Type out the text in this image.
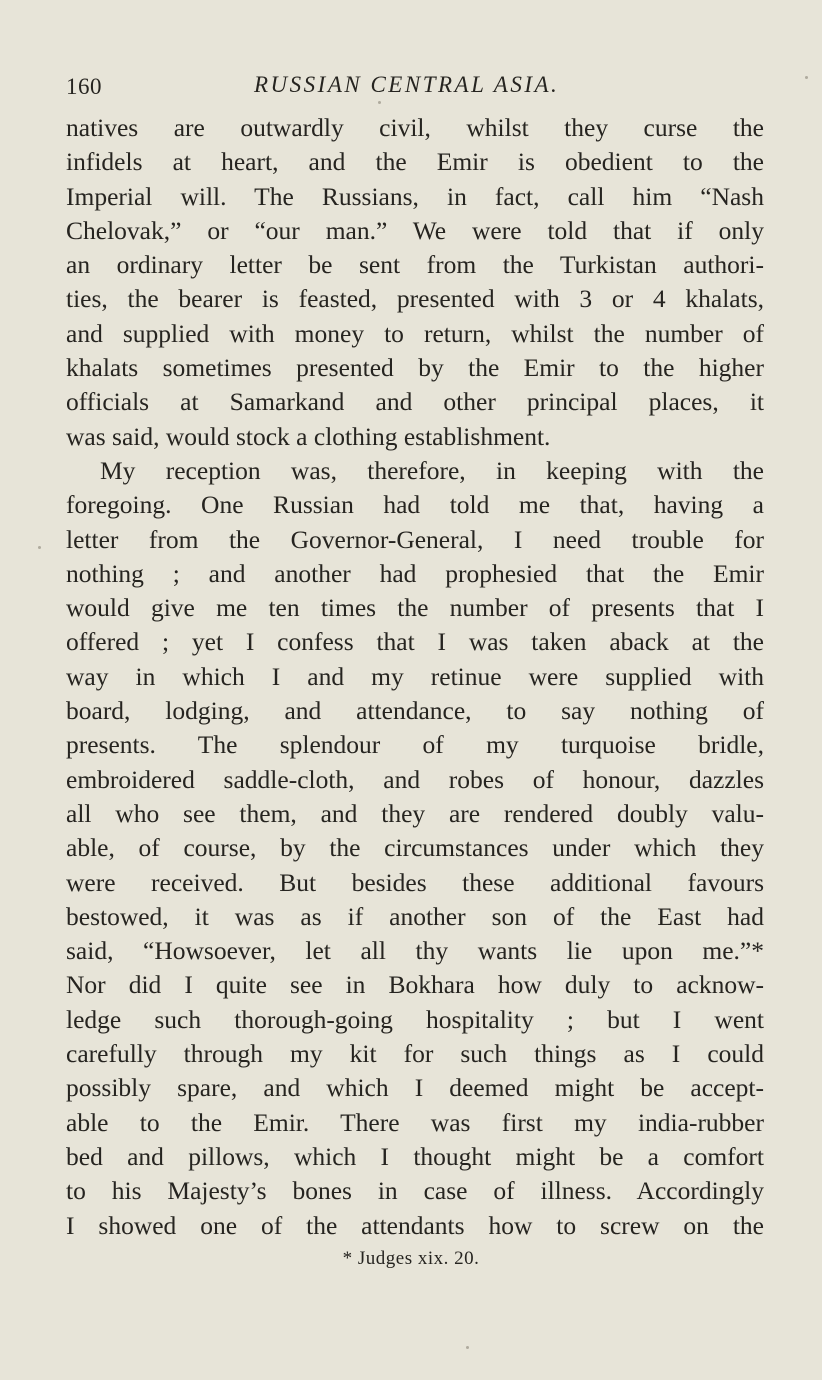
160	RUSSIAN CENTRAL ASIA.
natives are outwardly civil, whilst they curse the
infidels at heart, and the Emir is obedient to the
Imperial will. The Russians, in fact, call him “Nash
Chelovak,” or “our man.” We were told that if only
an ordinary letter be sent from the Turkistan authori-
ties, the bearer is feasted, presented with 3 or 4 khalats,
and supplied with money to return, whilst the number of
khalats sometimes presented by the Emir to the higher
officials at Samarkand and other principal places, it
was said, would stock a clothing establishment.
My reception was, therefore, in keeping with the
foregoing. One Russian had told me that, having a
letter from the Governor-General, I need trouble for
nothing ; and another had prophesied that the Emir
would give me ten times the number of presents that I
offered ; yet I confess that I was taken aback at the
way in which I and my retinue were supplied with
board, lodging, and attendance, to say nothing of
presents. The splendour of my turquoise bridle,
embroidered saddle-cloth, and robes of honour, dazzles
all who see them, and they are rendered doubly valu-
able, of course, by the circumstances under which they
were received. But besides these additional favours
bestowed, it was as if another son of the East had
said, “Howsoever, let all thy wants lie upon me.”*
Nor did I quite see in Bokhara how duly to acknow-
ledge such thorough-going hospitality ; but I went
carefully through my kit for such things as I could
possibly spare, and which I deemed might be accept-
able to the Emir. There was first my india-rubber
bed and pillows, which I thought might be a comfort
to his Majesty’s bones in case of illness. Accordingly
I showed one of the attendants how to screw on the
* Judges xix. 20.
